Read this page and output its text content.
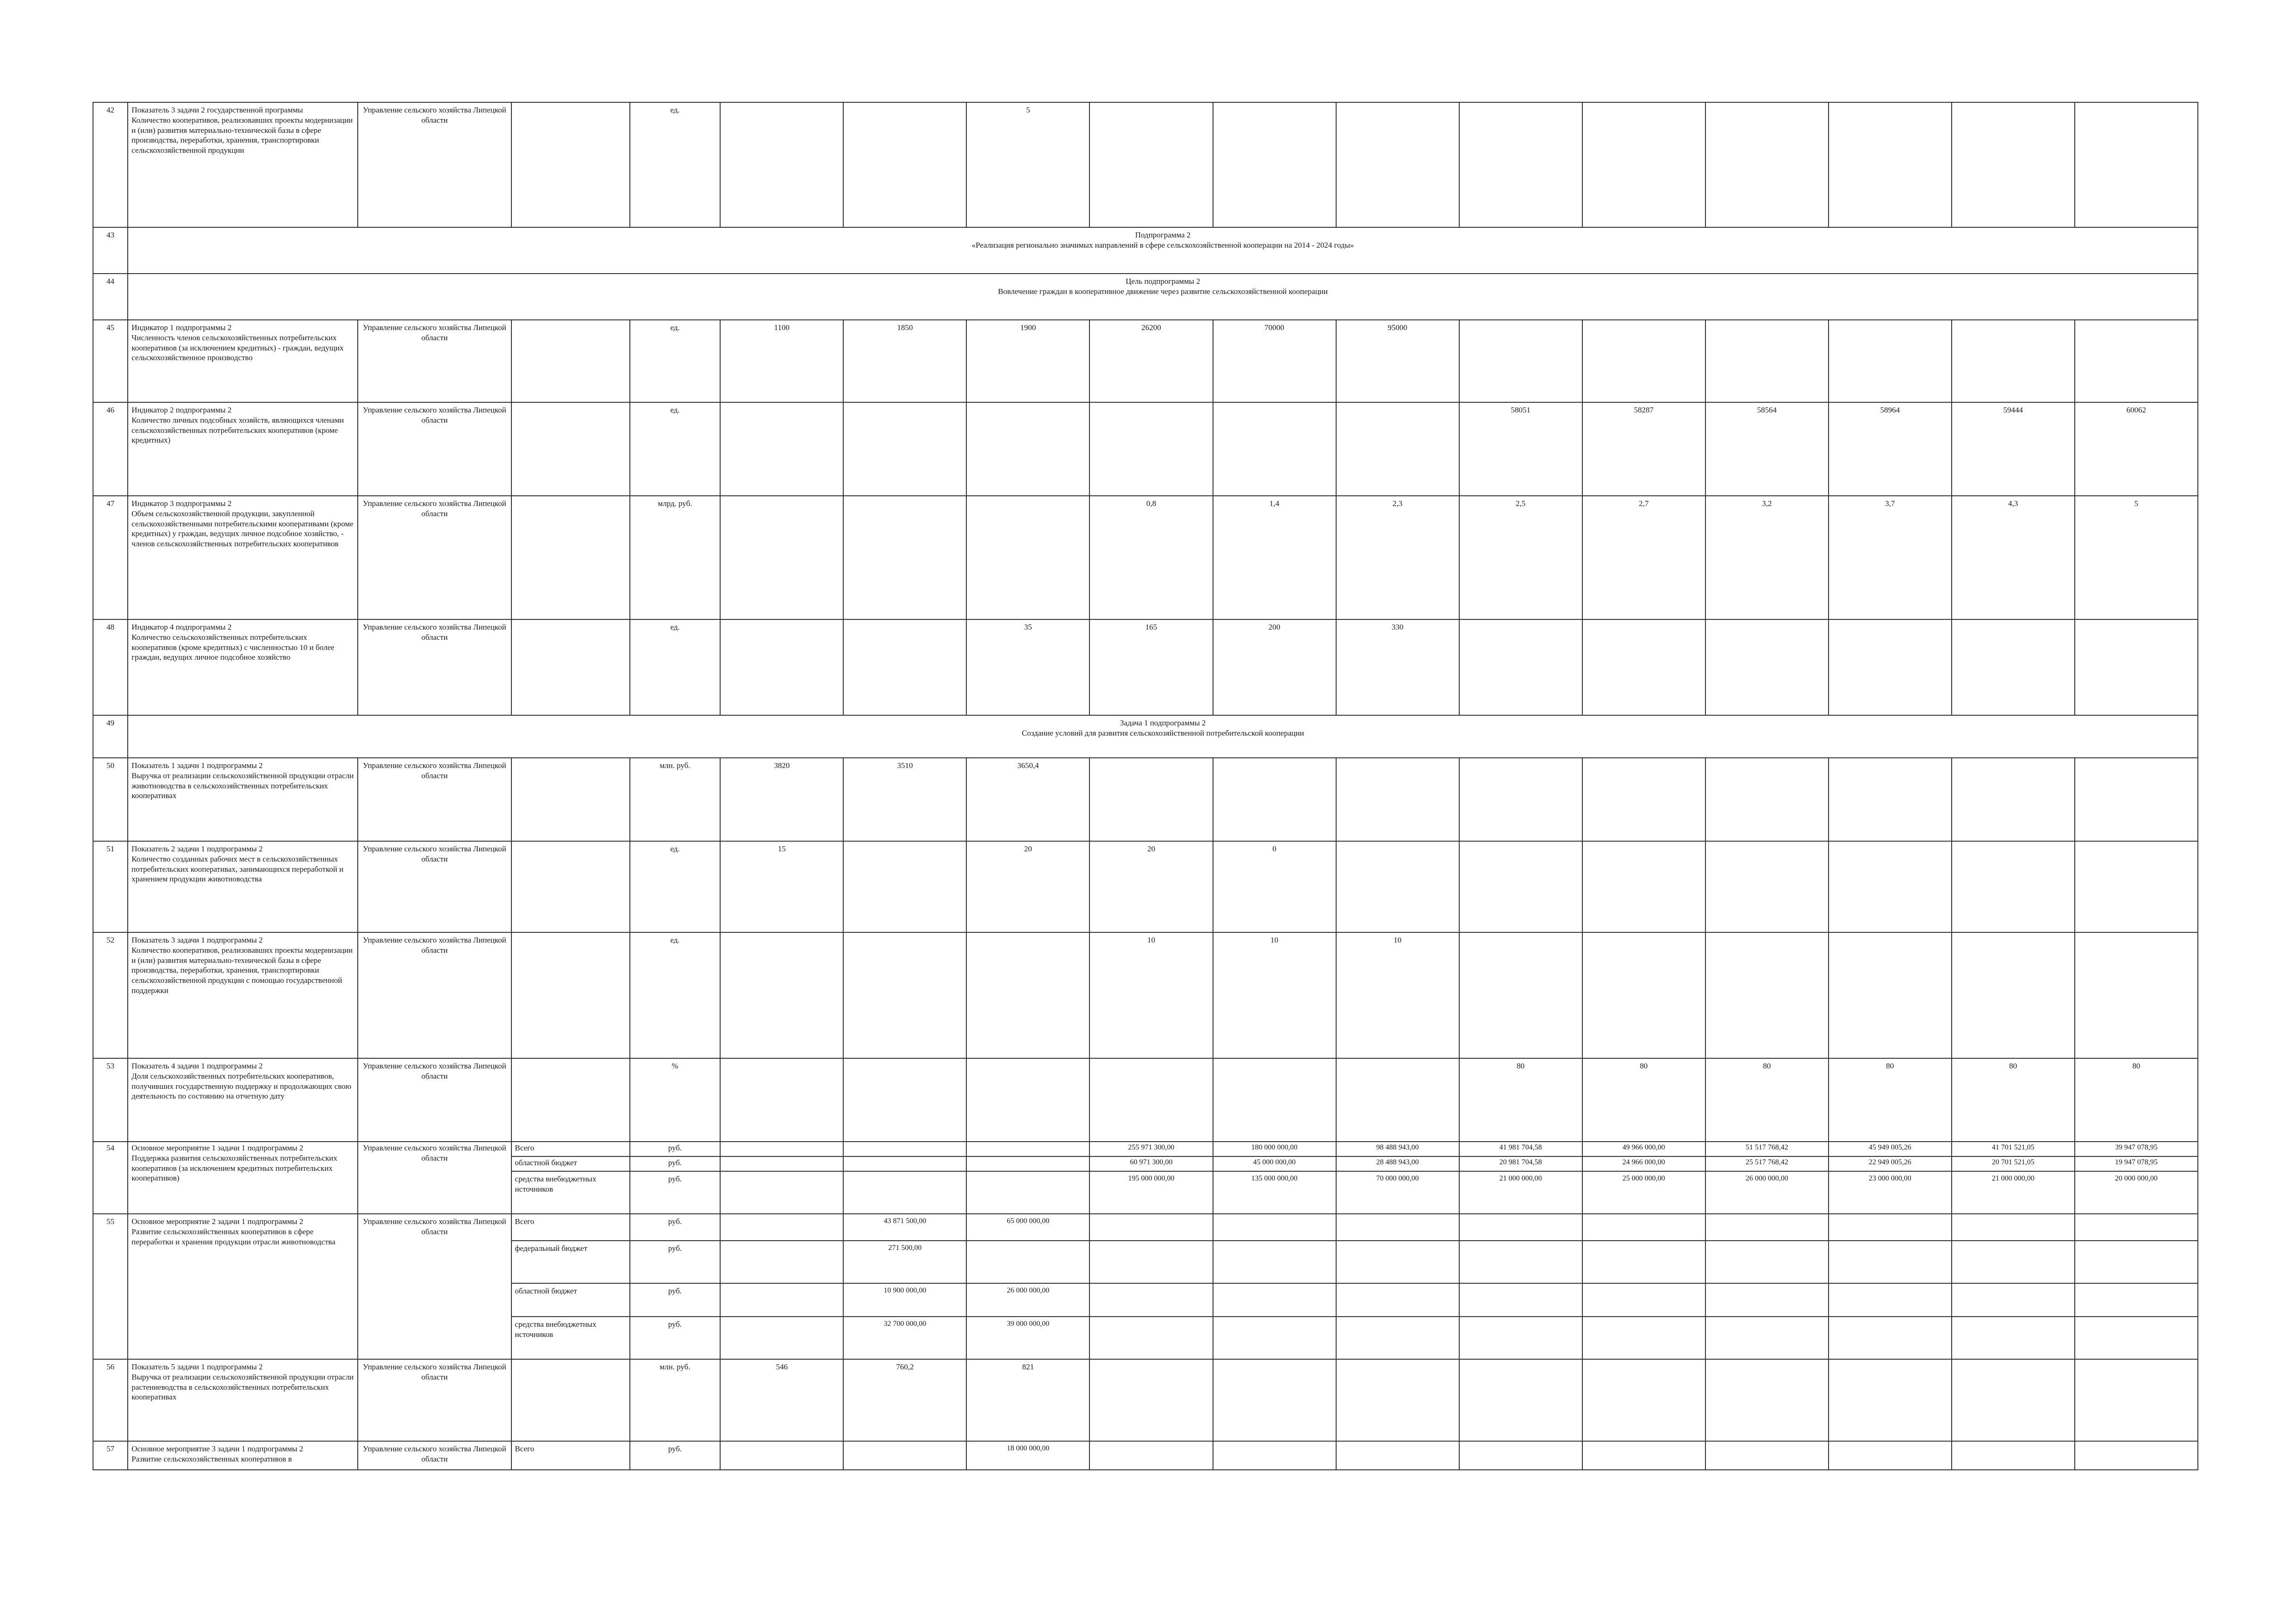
42	Показатель 3 задачи 2 государственной программы
Количество кооперативов, реализовавших проекты модернизации и (или) развития материально-технической базы в сфере производства, переработки, хранения, транспортировки сельскохозяйственной продукции	Управление сельского хозяйства Липецкой области		ед.			5									
43	Подпрограмма 2
«Реализация регионально значимых направлений в сфере сельскохозяйственной кооперации на 2014 - 2024 годы»															

44	Цель подпрограммы 2
Вовлечение граждан в кооперативное движение через развитие сельскохозяйственной кооперации															

45	Индикатор 1 подпрограммы 2
Численность членов сельскохозяйственных потребительских кооперативов (за исключением кредитных) - граждан, ведущих сельскохозяйственное производство	Управление сельского хозяйства Липецкой области		ед.	1100	1850	1900	26200	70000	95000						
46	Индикатор 2 подпрограммы 2
Количество личных подсобных хозяйств, являющихся членами сельскохозяйственных потребительских кооперативов (кроме кредитных)	Управление сельского хозяйства Липецкой области		ед.							58051	58287	58564	58964	59444	60062
47	Индикатор 3 подпрограммы 2
Объем сельскохозяйственной продукции, закупленной сельскохозяйственными потребительскими кооперативами (кроме кредитных) у граждан, ведущих личное подсобное хозяйство, - членов сельскохозяйственных потребительских кооперативов	Управление сельского хозяйства Липецкой области		млрд. руб.				0,8	1,4	2,3	2,5	2,7	3,2	3,7	4,3	5
48	Индикатор 4 подпрограммы 2
Количество сельскохозяйственных потребительских кооперативов (кроме кредитных) с численностью 10 и более граждан, ведущих личное подсобное хозяйство	Управление сельского хозяйства Липецкой области		ед.			35	165	200	330						
49	Задача 1 подпрограммы 2
Создание условий для развития сельскохозяйственной потребительской кооперации															

50	Показатель 1 задачи 1 подпрограммы 2
Выручка от реализации сельскохозяйственной продукции отрасли животноводства в сельскохозяйственных потребительских кооперативах	Управление сельского хозяйства Липецкой области		млн. руб.	3820	3510	3650,4									
51	Показатель 2 задачи 1 подпрограммы 2
Количество созданных рабочих мест в сельскохозяйственных потребительских кооперативах, занимающихся переработкой и хранением продукции животноводства	Управление сельского хозяйства Липецкой области		ед.	15		20	20	0							
52	Показатель 3 задачи 1 подпрограммы 2
Количество кооперативов, реализовавших проекты модернизации и (или) развития материально-технической базы в сфере производства, переработки, хранения, транспортировки сельскохозяйственной продукции с помощью государственной поддержки	Управление сельского хозяйства Липецкой области		ед.				10	10	10						
53	Показатель 4 задачи 1 подпрограммы 2
Доля сельскохозяйственных потребительских кооперативов, получивших государственную поддержку и продолжающих свою деятельность по состоянию на отчетную дату	Управление сельского хозяйства Липецкой области		%							80	80	80	80	80	80
54	Основное мероприятие 1 задачи 1 подпрограммы 2
Поддержка развития сельскохозяйственных потребительских кооперативов (за исключением кредитных потребительских кооперативов)	Управление сельского хозяйства Липецкой области	Всего	руб.				255 971 300,00	180 000 000,00	98 488 943,00	41 981 704,58	49 966 000,00	51 517 768,42	45 949 005,26	41 701 521,05	39 947 078,95
			областной бюджет	руб.				60 971 300,00	45 000 000,00	28 488 943,00	20 981 704,58	24 966 000,00	25 517 768,42	22 949 005,26	20 701 521,05	19 947 078,95
			средства внебюджетных источников	руб.				195 000 000,00	135 000 000,00	70 000 000,00	21 000 000,00	25 000 000,00	26 000 000,00	23 000 000,00	21 000 000,00	20 000 000,00
55	Основное мероприятие 2 задачи 1 подпрограммы 2
Развитие сельскохозяйственных кооперативов в сфере переработки и хранения продукции отрасли животноводства	Управление сельского хозяйства Липецкой области	Всего	руб.		43 871 500,00	65 000 000,00									
			федеральный бюджет	руб.		271 500,00										
			областной бюджет	руб.		10 900 000,00	26 000 000,00									
			средства внебюджетных источников	руб.		32 700 000,00	39 000 000,00									
56	Показатель 5 задачи 1 подпрограммы 2
Выручка от реализации сельскохозяйственной продукции отрасли растениеводства в сельскохозяйственных потребительских кооперативах	Управление сельского хозяйства Липецкой области		млн. руб.	546	760,2	821									
57	Основное мероприятие 3 задачи 1 подпрограммы 2
Развитие сельскохозяйственных кооперативов в	Управление сельского хозяйства Липецкой области	Всего	руб.			18 000 000,00									
